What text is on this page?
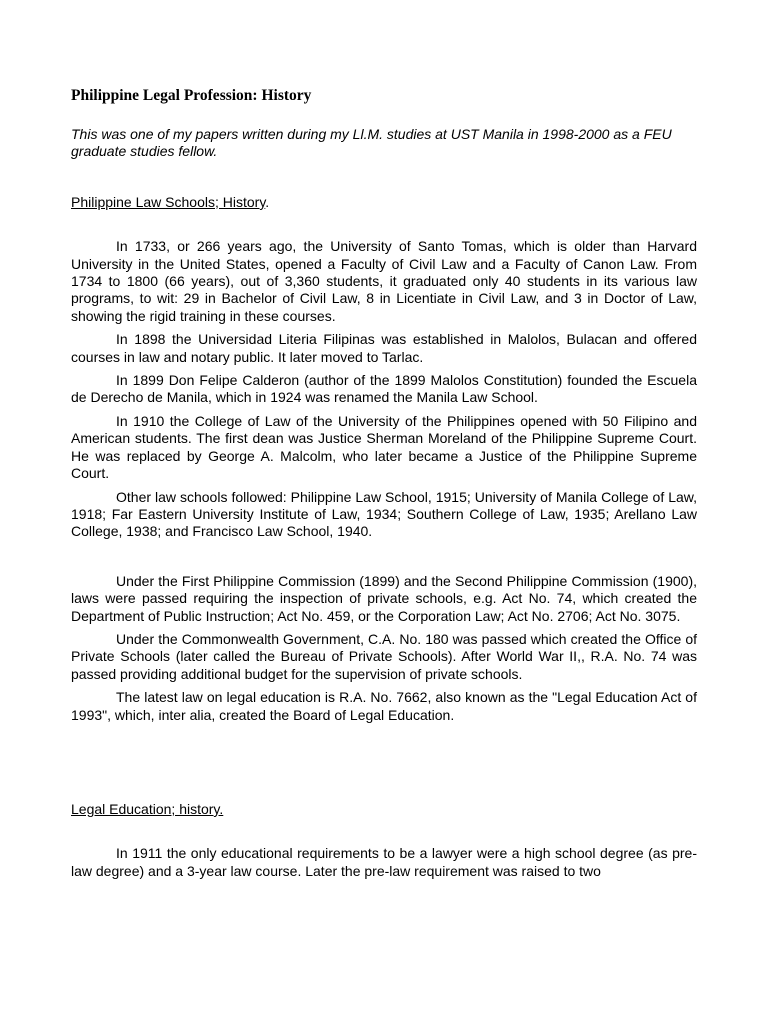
Philippine Legal Profession: History

This was one of my papers written during my Ll.M. studies at UST Manila in 1998-2000 as a FEU graduate studies fellow.

Philippine Law Schools; History.

In 1733, or 266 years ago, the University of Santo Tomas, which is older than Harvard University in the United States, opened a Faculty of Civil Law and a Faculty of Canon Law. From 1734 to 1800 (66 years), out of 3,360 students, it graduated only 40 students in its various law programs, to wit: 29 in Bachelor of Civil Law, 8 in Licentiate in Civil Law, and 3 in Doctor of Law, showing the rigid training in these courses.

In 1898 the Universidad Literia Filipinas was established in Malolos, Bulacan and offered courses in law and notary public. It later moved to Tarlac.

In 1899 Don Felipe Calderon (author of the 1899 Malolos Constitution) founded the Escuela de Derecho de Manila, which in 1924 was renamed the Manila Law School.

In 1910 the College of Law of the University of the Philippines opened with 50 Filipino and American students. The first dean was Justice Sherman Moreland of the Philippine Supreme Court. He was replaced by George A. Malcolm, who later became a Justice of the Philippine Supreme Court.

Other law schools followed: Philippine Law School, 1915; University of Manila College of Law, 1918; Far Eastern University Institute of Law, 1934; Southern College of Law, 1935; Arellano Law College, 1938; and Francisco Law School, 1940.

Under the First Philippine Commission (1899) and the Second Philippine Commission (1900), laws were passed requiring the inspection of private schools, e.g. Act No. 74, which created the Department of Public Instruction; Act No. 459, or the Corporation Law; Act No. 2706; Act No. 3075.

Under the Commonwealth Government, C.A. No. 180 was passed which created the Office of Private Schools (later called the Bureau of Private Schools). After World War II,, R.A. No. 74 was passed providing additional budget for the supervision of private schools.

The latest law on legal education is R.A. No. 7662, also known as the "Legal Education Act of 1993", which, inter alia, created the Board of Legal Education.

Legal Education; history.

In 1911 the only educational requirements to be a lawyer were a high school degree (as pre-law degree) and a 3-year law course. Later the pre-law requirement was raised to two
